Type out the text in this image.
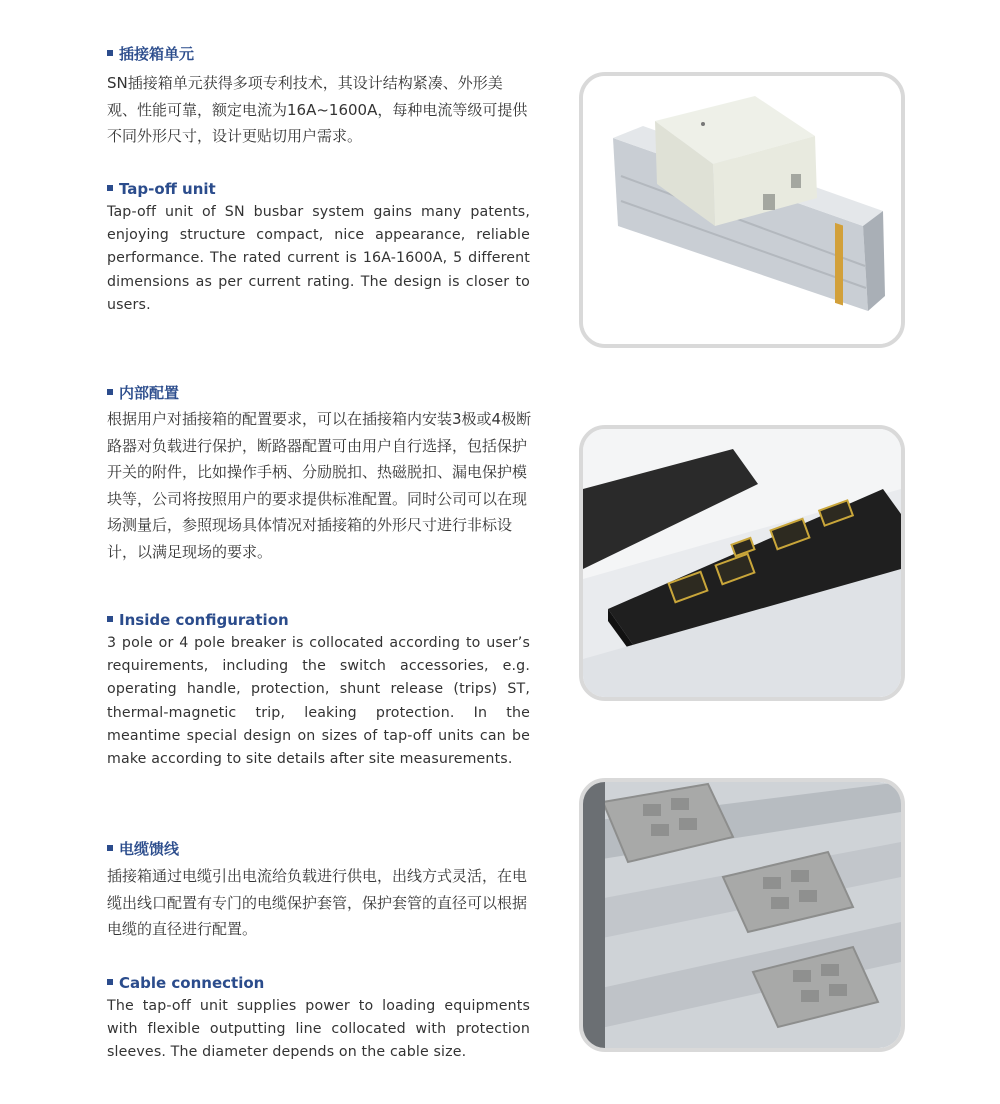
插接箱单元
SN插接箱单元获得多项专利技术，其设计结构紧凑、外形美观、性能可靠，额定电流为16A~1600A，每种电流等级可提供不同外形尺寸，设计更贴切用户需求。
Tap-off unit
Tap-off unit of SN busbar system gains many patents, enjoying structure compact, nice appearance, reliable performance. The rated current is 16A-1600A, 5 different dimensions as per current rating. The design is closer to users.
内部配置
根据用户对插接箱的配置要求，可以在插接箱内安装3极或4极断路器对负载进行保护，断路器配置可由用户自行选择，包括保护开关的附件，比如操作手柄、分励脱扣、热磁脱扣、漏电保护模块等，公司将按照用户的要求提供标准配置。同时公司可以在现场测量后，参照现场具体情况对插接箱的外形尺寸进行非标设计，以满足现场的要求。
Inside configuration
3 pole or 4 pole breaker is collocated according to user’s requirements, including the switch accessories, e.g. operating handle, protection, shunt release (trips) ST, thermal-magnetic trip, leaking protection. In the meantime special design on sizes of tap-off units can be make according to site details after site measurements.
电缆馈线
插接箱通过电缆引出电流给负载进行供电，出线方式灵活，在电缆出线口配置有专门的电缆保护套管，保护套管的直径可以根据电缆的直径进行配置。
Cable connection
The tap-off unit supplies power to loading equipments with flexible outputting line collocated with protection sleeves. The diameter depends on the cable size.
